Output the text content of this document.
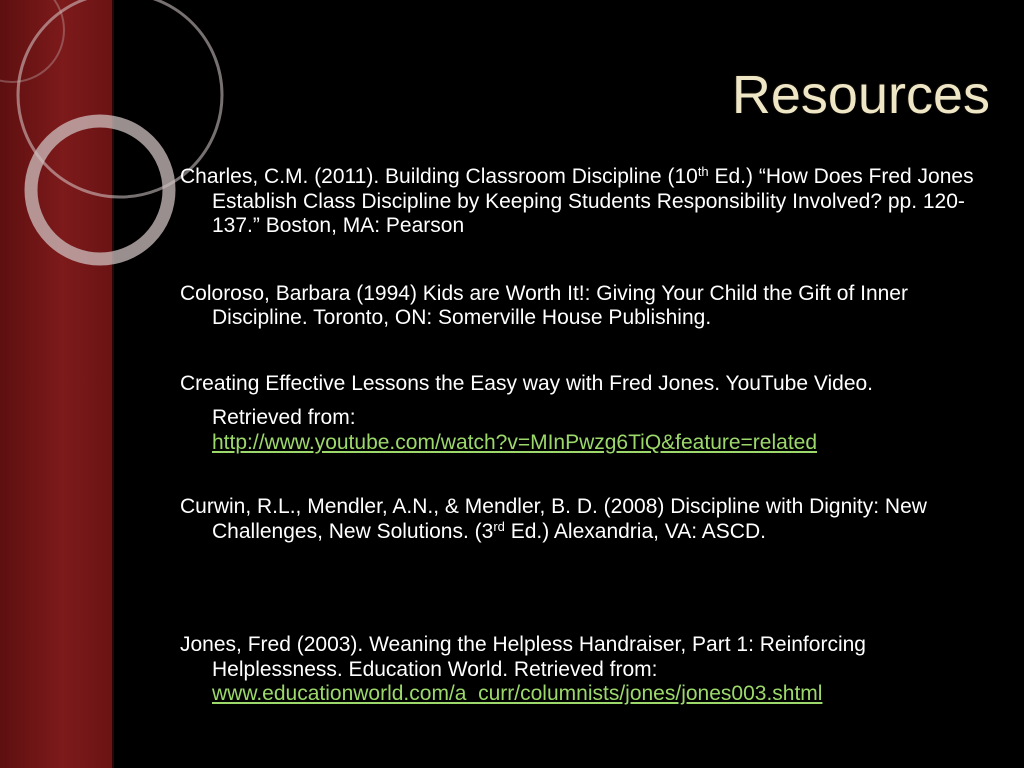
Resources

Charles, C.M. (2011). Building Classroom Discipline (10th Ed.) “How Does Fred Jones Establish Class Discipline by Keeping Students Responsibility Involved? pp. 120-137.” Boston, MA: Pearson

Coloroso, Barbara (1994) Kids are Worth It!: Giving Your Child the Gift of Inner Discipline. Toronto, ON: Somerville House Publishing.

Creating Effective Lessons the Easy way with Fred Jones. YouTube Video.

Retrieved from:
http://www.youtube.com/watch?v=MInPwzg6TiQ&feature=related

Curwin, R.L., Mendler, A.N., & Mendler, B. D. (2008) Discipline with Dignity: New Challenges, New Solutions. (3rd Ed.) Alexandria, VA: ASCD.

Jones, Fred (2003). Weaning the Helpless Handraiser, Part 1: Reinforcing Helplessness. Education World. Retrieved from:
www.educationworld.com/a_curr/columnists/jones/jones003.shtml
